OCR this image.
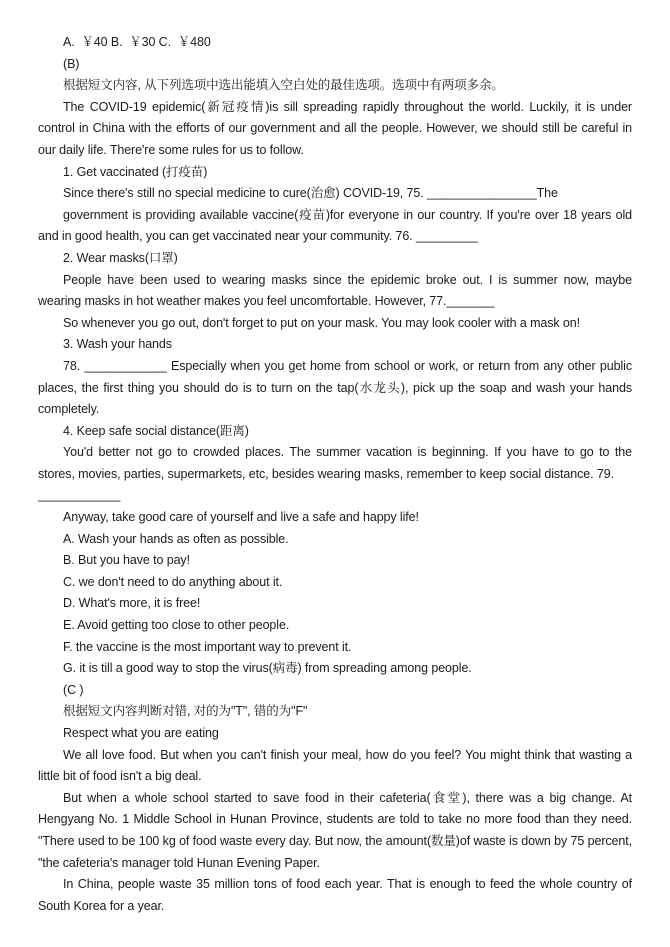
A.  ￥40 B.  ￥30 C.  ￥480

(B)

根据短文内容, 从下列选项中选出能填入空白处的最佳选项。选项中有两项多余。

The COVID-19 epidemic(新冠疫情)is sill spreading rapidly throughout the world. Luckily, it is under control in China with the efforts of our government and all the people. However, we should still be careful in our daily life. There're some rules for us to follow.

1. Get vaccinated (打疫苗)

Since there's still no special medicine to cure(治愈) COVID-19, 75. ________________The

government is providing available vaccine(疫苗)for everyone in our country. If you're over 18 years old and in good health, you can get vaccinated near your community. 76. _________

2. Wear masks(口罩)

People have been used to wearing masks since the epidemic broke out. I is summer now, maybe wearing masks in hot weather makes you feel uncomfortable. However, 77._______

So whenever you go out, don't forget to put on your mask. You may look cooler with a mask on!

3. Wash your hands

78. ____________ Especially when you get home from school or work, or return from any other public places, the first thing you should do is to turn on the tap(水龙头), pick up the soap and wash your hands completely.

4. Keep safe social distance(距离)

You'd better not go to crowded places. The summer vacation is beginning. If you have to go to the stores, movies, parties, supermarkets, etc, besides wearing masks, remember to keep social distance. 79.

____________

Anyway, take good care of yourself and live a safe and happy life!

A. Wash your hands as often as possible.

B. But you have to pay!

C. we don't need to do anything about it.

D. What's more, it is free!

E. Avoid getting too close to other people.

F. the vaccine is the most important way to prevent it.

G. it is till a good way to stop the virus(病毒) from spreading among people.

(C )

根据短文内容判断对错, 对的为"T", 错的为"F"

Respect what you are eating

We all love food. But when you can't finish your meal, how do you feel? You might think that wasting a little bit of food isn't a big deal.

But when a whole school started to save food in their cafeteria(食堂), there was a big change. At Hengyang No. 1 Middle School in Hunan Province, students are told to take no more food than they need. "There used to be 100 kg of food waste every day. But now, the amount(数量)of waste is down by 75 percent, "the cafeteria's manager told Hunan Evening Paper.

In China, people waste 35 million tons of food each year. That is enough to feed the whole country of South Korea for a year.
